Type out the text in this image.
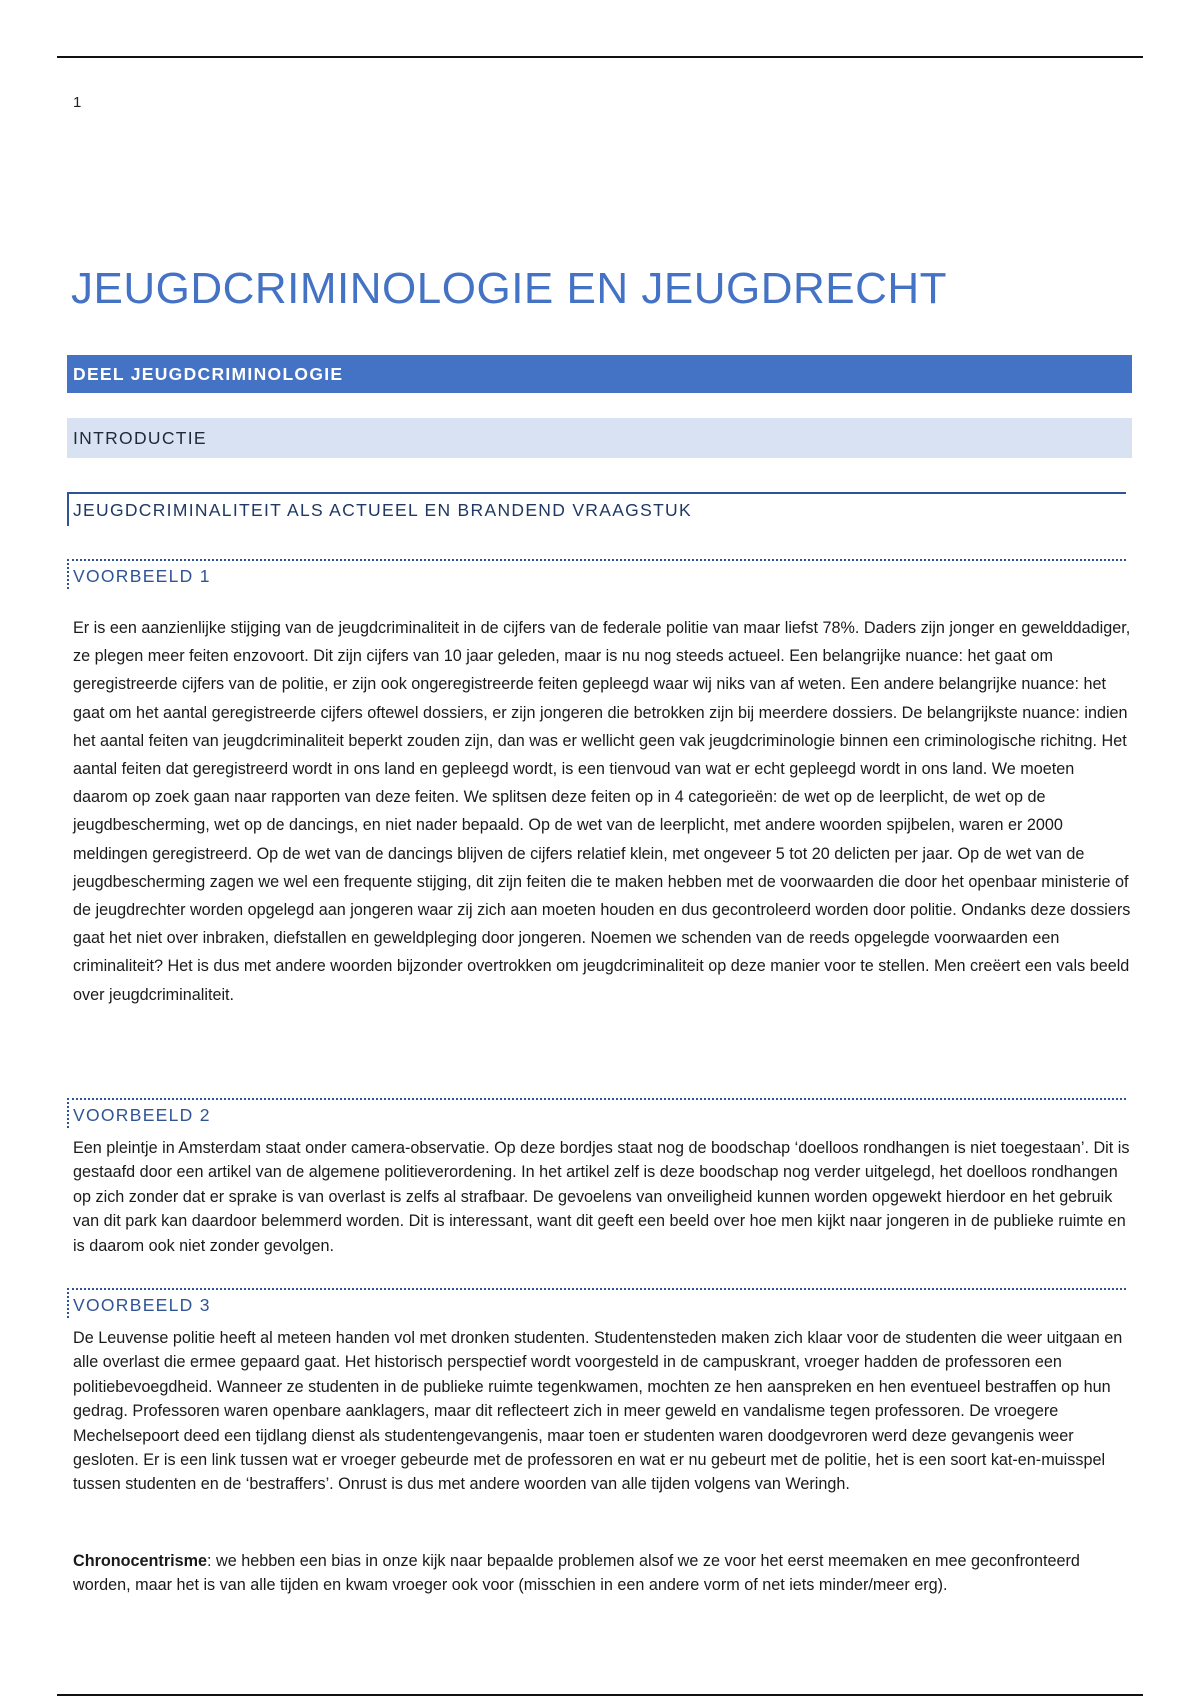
1
JEUGDCRIMINOLOGIE EN JEUGDRECHT
DEEL JEUGDCRIMINOLOGIE
INTRODUCTIE
JEUGDCRIMINALITEIT ALS ACTUEEL EN BRANDEND VRAAGSTUK
VOORBEELD 1

Er is een aanzienlijke stijging van de jeugdcriminaliteit in de cijfers van de federale politie van maar liefst 78%. Daders zijn jonger en gewelddadiger, ze plegen meer feiten enzovoort. Dit zijn cijfers van 10 jaar geleden, maar is nu nog steeds actueel. Een belangrijke nuance: het gaat om geregistreerde cijfers van de politie, er zijn ook ongeregistreerde feiten gepleegd waar wij niks van af weten. Een andere belangrijke nuance: het gaat om het aantal geregistreerde cijfers oftewel dossiers, er zijn jongeren die betrokken zijn bij meerdere dossiers. De belangrijkste nuance: indien het aantal feiten van jeugdcriminaliteit beperkt zouden zijn, dan was er wellicht geen vak jeugdcriminologie binnen een criminologische richitng. Het aantal feiten dat geregistreerd wordt in ons land en gepleegd wordt, is een tienvoud van wat er echt gepleegd wordt in ons land. We moeten daarom op zoek gaan naar rapporten van deze feiten. We splitsen deze feiten op in 4 categorieën: de wet op de leerplicht, de wet op de jeugdbescherming, wet op de dancings, en niet nader bepaald. Op de wet van de leerplicht, met andere woorden spijbelen, waren er 2000 meldingen geregistreerd. Op de wet van de dancings blijven de cijfers relatief klein, met ongeveer 5 tot 20 delicten per jaar. Op de wet van de jeugdbescherming zagen we wel een frequente stijging, dit zijn feiten die te maken hebben met de voorwaarden die door het openbaar ministerie of de jeugdrechter worden opgelegd aan jongeren waar zij zich aan moeten houden en dus gecontroleerd worden door politie. Ondanks deze dossiers gaat het niet over inbraken, diefstallen en geweldpleging door jongeren. Noemen we schenden van de reeds opgelegde voorwaarden een criminaliteit? Het is dus met andere woorden bijzonder overtrokken om jeugdcriminaliteit op deze manier voor te stellen. Men creëert een vals beeld over jeugdcriminaliteit.

VOORBEELD 2

Een pleintje in Amsterdam staat onder camera-observatie. Op deze bordjes staat nog de boodschap ‘doelloos rondhangen is niet toegestaan’. Dit is gestaafd door een artikel van de algemene politieverordening. In het artikel zelf is deze boodschap nog verder uitgelegd, het doelloos rondhangen op zich zonder dat er sprake is van overlast is zelfs al strafbaar. De gevoelens van onveiligheid kunnen worden opgewekt hierdoor en het gebruik van dit park kan daardoor belemmerd worden. Dit is interessant, want dit geeft een beeld over hoe men kijkt naar jongeren in de publieke ruimte en is daarom ook niet zonder gevolgen.

VOORBEELD 3

De Leuvense politie heeft al meteen handen vol met dronken studenten. Studentensteden maken zich klaar voor de studenten die weer uitgaan en alle overlast die ermee gepaard gaat. Het historisch perspectief wordt voorgesteld in de campuskrant, vroeger hadden de professoren een politiebevoegdheid. Wanneer ze studenten in de publieke ruimte tegenkwamen, mochten ze hen aanspreken en hen eventueel bestraffen op hun gedrag. Professoren waren openbare aanklagers, maar dit reflecteert zich in meer geweld en vandalisme tegen professoren. De vroegere Mechelsepoort deed een tijdlang dienst als studentengevangenis, maar toen er studenten waren doodgevroren werd deze gevangenis weer gesloten. Er is een link tussen wat er vroeger gebeurde met de professoren en wat er nu gebeurt met de politie, het is een soort kat-en-muisspel tussen studenten en de ‘bestraffers’. Onrust is dus met andere woorden van alle tijden volgens van Weringh.

Chronocentrisme: we hebben een bias in onze kijk naar bepaalde problemen alsof we ze voor het eerst meemaken en mee geconfronteerd worden, maar het is van alle tijden en kwam vroeger ook voor (misschien in een andere vorm of net iets minder/meer erg).
